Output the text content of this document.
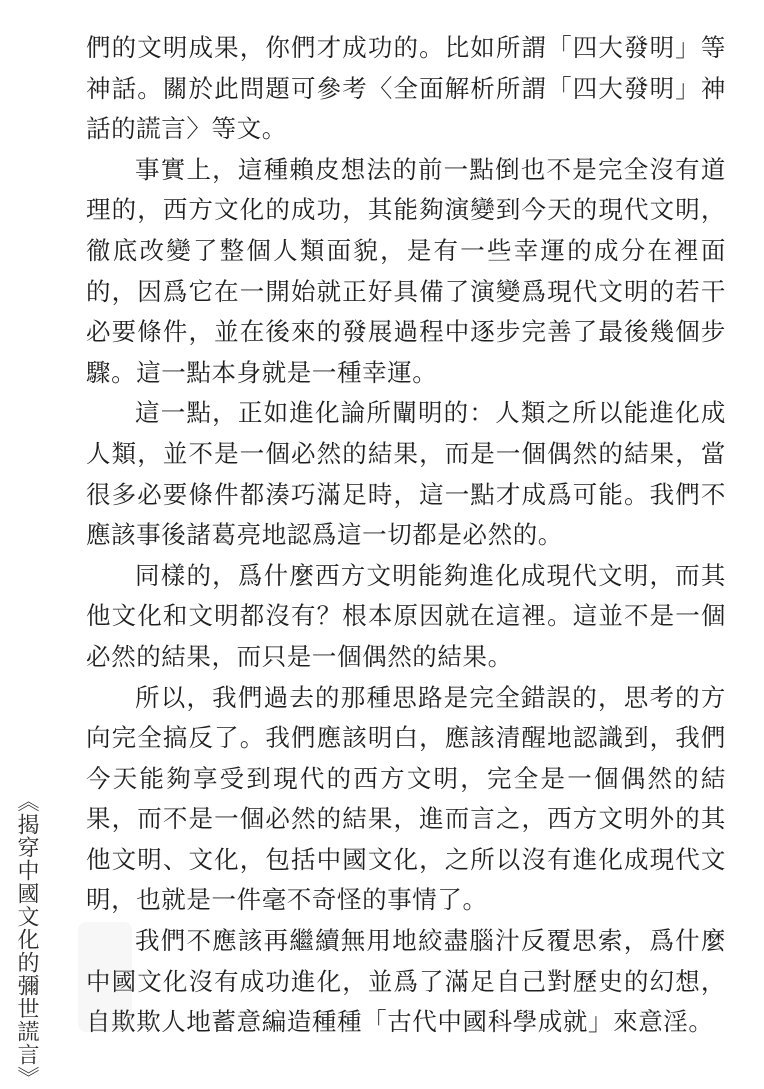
們的文明成果，你們才成功的。比如所謂「四大發明」等神話。關於此問題可參考〈全面解析所謂「四大發明」神話的謊言〉等文。

事實上，這種賴皮想法的前一點倒也不是完全沒有道理的，西方文化的成功，其能夠演變到今天的現代文明，徹底改變了整個人類面貌，是有一些幸運的成分在裡面的，因爲它在一開始就正好具備了演變爲現代文明的若干必要條件，並在後來的發展過程中逐步完善了最後幾個步驟。這一點本身就是一種幸運。

這一點，正如進化論所闡明的：人類之所以能進化成人類，並不是一個必然的結果，而是一個偶然的結果，當很多必要條件都湊巧滿足時，這一點才成爲可能。我們不應該事後諸葛亮地認爲這一切都是必然的。

同樣的，爲什麼西方文明能夠進化成現代文明，而其他文化和文明都沒有？根本原因就在這裡。這並不是一個必然的結果，而只是一個偶然的結果。

所以，我們過去的那種思路是完全錯誤的，思考的方向完全搞反了。我們應該明白，應該清醒地認識到，我們今天能夠享受到現代的西方文明，完全是一個偶然的結果，而不是一個必然的結果，進而言之，西方文明外的其他文明、文化，包括中國文化，之所以沒有進化成現代文明，也就是一件毫不奇怪的事情了。

我們不應該再繼續無用地絞盡腦汁反覆思索，爲什麼中國文化沒有成功進化，並爲了滿足自己對歷史的幻想，自欺欺人地蓄意編造種種「古代中國科學成就」來意淫。

《揭穿中國文化的彌世謊言》
